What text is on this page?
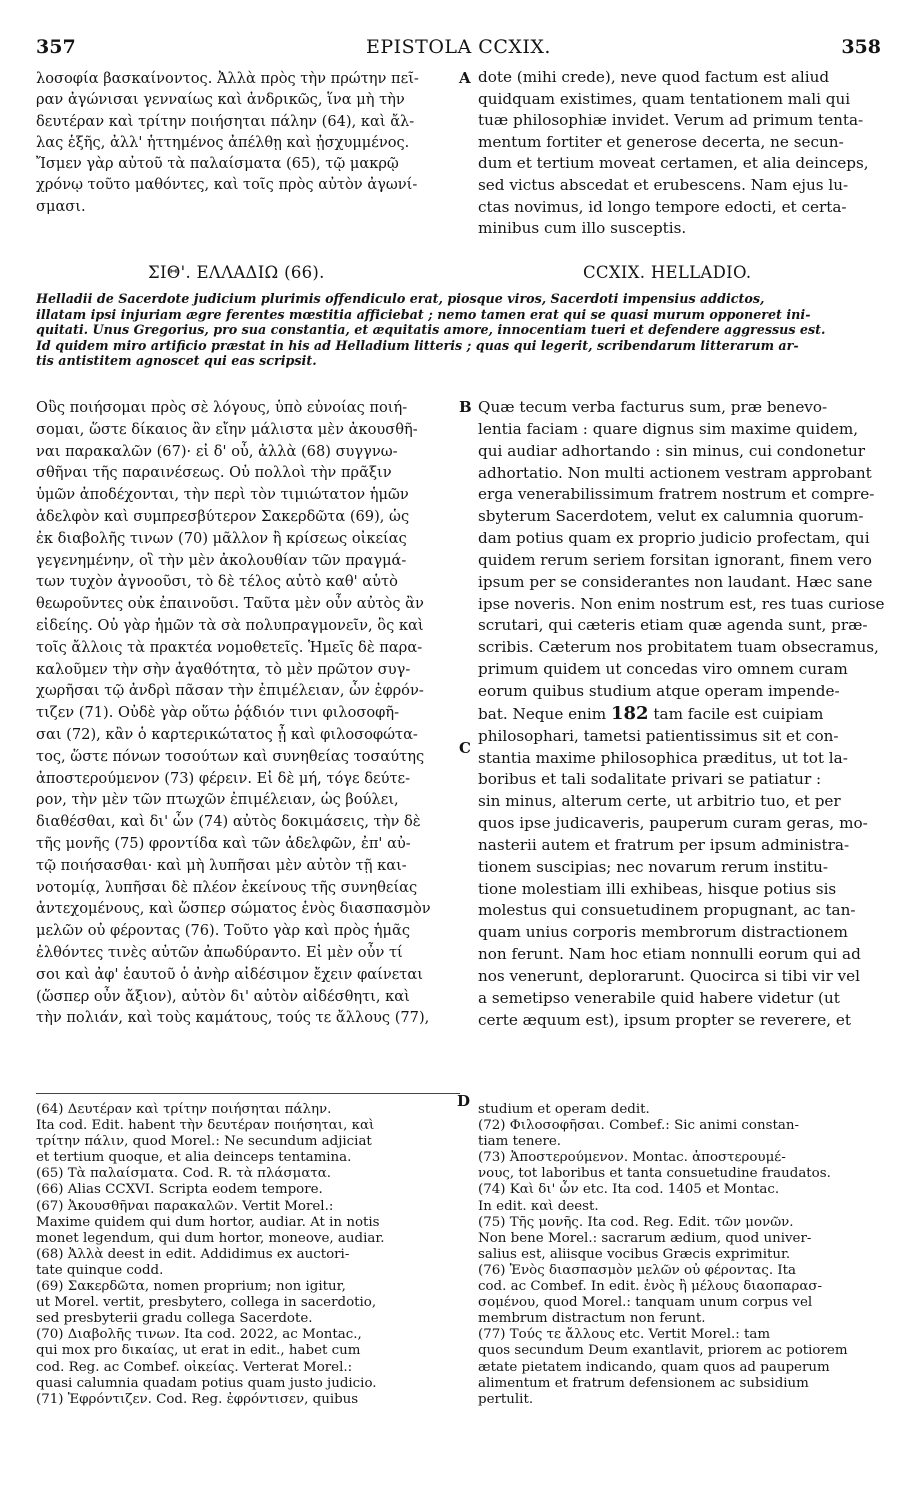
357	EPISTOLA CCXIX.	358
λοσοφία βασκαίνοντος. Ἀλλὰ πρὸς τὴν πρώτην πεῖ-
ραν ἀγώνισαι γενναίως καὶ ἀνδρικῶς, ἵνα μὴ τὴν
δευτέραν καὶ τρίτην ποιήσηται πάλην (64), καὶ ἄλ-
λας ἑξῆς, ἀλλ' ἡττημένος ἀπέλθῃ καὶ ᾐσχυμμένος.
Ἴσμεν γὰρ αὐτοῦ τὰ παλαίσματα (65), τῷ μακρῷ
χρόνῳ τοῦτο μαθόντες, καὶ τοῖς πρὸς αὐτὸν ἀγωνί-
σμασι.
A dote (mihi crede), neve quod factum est aliud
quidquam existimes, quam tentationem mali qui
tuæ philosophiæ invidet. Verum ad primum tenta-
mentum fortiter et generose decerta, ne secun-
dum et tertium moveat certamen, et alia deinceps,
sed victus abscedat et erubescens. Nam ejus lu-
ctas novimus, id longo tempore edocti, et certa-
minibus cum illo susceptis.
ΣΙΘ'. ΕΛΛΑΔΙΩ (66).	CCXIX. HELLADIO.
Helladii de Sacerdote judicium plurimis offendiculo erat, piosque viros, Sacerdoti impensius addictos,
illatam ipsi injuriam ægre ferentes mœstitia afficiebat ; nemo tamen erat qui se quasi murum opponeret ini-
quitati. Unus Gregorius, pro sua constantia, et æquitatis amore, innocentiam tueri et defendere aggressus est.
Id quidem miro artificio præstat in his ad Helladium litteris ; quas qui legerit, scribendarum litterarum ar-
tis antistitem agnoscet qui eas scripsit.
Οὓς ποιήσομαι πρὸς σὲ λόγους, ὑπὸ εὐνοίας ποιή-
σομαι, ὥστε δίκαιος ἂν εἴην μάλιστα μὲν ἀκουσθῆ-
ναι παρακαλῶν (67)· εἰ δ' οὖ, ἀλλὰ (68) συγγνω-
σθῆναι τῆς παραινέσεως. Οὐ πολλοὶ τὴν πρᾶξιν
ὑμῶν ἀποδέχονται, τὴν περὶ τὸν τιμιώτατον ἡμῶν
ἀδελφὸν καὶ συμπρεσβύτερον Σακερδῶτα (69), ὡς
ἐκ διαβολῆς τινων (70) μᾶλλον ἢ κρίσεως οἰκείας
γεγενημένην, οἳ τὴν μὲν ἀκολουθίαν τῶν πραγμά-
των τυχὸν ἀγνοοῦσι, τὸ δὲ τέλος αὐτὸ καθ' αὑτὸ
θεωροῦντες οὐκ ἐπαινοῦσι. Ταῦτα μὲν οὖν αὐτὸς ἂν
εἰδείης. Οὐ γὰρ ἡμῶν τὰ σὰ πολυπραγμονεῖν, ὃς καὶ
τοῖς ἄλλοις τὰ πρακτέα νομοθετεῖς. Ἡμεῖς δὲ παρα-
καλοῦμεν τὴν σὴν ἀγαθότητα, τὸ μὲν πρῶτον συγ-
χωρῆσαι τῷ ἀνδρὶ πᾶσαν τὴν ἐπιμέλειαν, ὧν ἐφρόν-
τιζεν (71). Οὐδὲ γὰρ οὕτω ῥᾴδιόν τινι φιλοσοφῆ-
σαι (72), κἂν ὁ καρτερικώτατος ᾖ καὶ φιλοσοφώτα-
τος, ὥστε πόνων τοσούτων καὶ συνηθείας τοσαύτης
ἀποστερούμενον (73) φέρειν. Εἰ δὲ μή, τόγε δεύτε-
ρον, τὴν μὲν τῶν πτωχῶν ἐπιμέλειαν, ὡς βούλει,
διαθέσθαι, καὶ δι' ὧν (74) αὐτὸς δοκιμάσεις, τὴν δὲ
τῆς μονῆς (75) φροντίδα καὶ τῶν ἀδελφῶν, ἐπ' αὐ-
τῷ ποιήσασθαι· καὶ μὴ λυπῆσαι μὲν αὐτὸν τῇ και-
νοτομίᾳ, λυπῆσαι δὲ πλέον ἐκείνους τῆς συνηθείας
ἀντεχομένους, καὶ ὥσπερ σώματος ἑνὸς διασπασμὸν
μελῶν οὐ φέροντας (76). Τοῦτο γὰρ καὶ πρὸς ἡμᾶς
ἐλθόντες τινὲς αὐτῶν ἀπωδύραντο. Εἰ μὲν οὖν τί
σοι καὶ ἀφ' ἑαυτοῦ ὁ ἀνὴρ αἰδέσιμον ἔχειν φαίνεται
(ὥσπερ οὖν ἄξιον), αὐτὸν δι' αὐτὸν αἰδέσθητι, καὶ
τὴν πολιάν, καὶ τοὺς καμάτους, τούς τε ἄλλους (77),
B
C
Quæ tecum verba facturus sum, præ benevo-
lentia faciam : quare dignus sim maxime quidem,
qui audiar adhortando : sin minus, cui condonetur
adhortatio. Non multi actionem vestram approbant
erga venerabilissimum fratrem nostrum et compre-
sbyterum Sacerdotem, velut ex calumnia quorum-
dam potius quam ex proprio judicio profectam, qui
quidem rerum seriem forsitan ignorant, finem vero
ipsum per se considerantes non laudant. Hæc sane
ipse noveris. Non enim nostrum est, res tuas curiose
scrutari, qui cæteris etiam quæ agenda sunt, præ-
scribis. Cæterum nos probitatem tuam obsecramus,
primum quidem ut concedas viro omnem curam
eorum quibus studium atque operam impende-
bat. Neque enim 182 tam facile est cuipiam
philosophari, tametsi patientissimus sit et con-
stantia maxime philosophica præditus, ut tot la-
boribus et tali sodalitate privari se patiatur :
sin minus, alterum certe, ut arbitrio tuo, et per
quos ipse judicaveris, pauperum curam geras, mo-
nasterii autem et fratrum per ipsum administra-
tionem suscipias; nec novarum rerum institu-
tione molestiam illi exhibeas, hisque potius sis
molestus qui consuetudinem propugnant, ac tan-
quam unius corporis membrorum distractionem
non ferunt. Nam hoc etiam nonnulli eorum qui ad
nos venerunt, deplorarunt. Quocirca si tibi vir vel
a semetipso venerabile quid habere videtur (ut
certe æquum est), ipsum propter se reverere, et
D
(64) Δευτέραν καὶ τρίτην ποιήσηται πάλην.
Ita cod. Edit. habent τὴν δευτέραν ποιήσηται, καὶ
τρίτην πάλιν, quod Morel.: Ne secundum adjiciat
et tertium quoque, et alia deinceps tentamina.
(65) Τὰ παλαίσματα. Cod. R. τὰ πλάσματα.
(66) Alias CCXVI. Scripta eodem tempore.
(67) Ἀκουσθῆναι παρακαλῶν. Vertit Morel.:
Maxime quidem qui dum hortor, audiar. At in notis
monet legendum, qui dum hortor, moneove, audiar.
(68) Ἀλλὰ deest in edit. Addidimus ex auctori-
tate quinque codd.
(69) Σακερδῶτα, nomen proprium; non igitur,
ut Morel. vertit, presbytero, collega in sacerdotio,
sed presbyterii gradu collega Sacerdote.
(70) Διαβολῆς τινων. Ita cod. 2022, ac Montac.,
qui mox pro δικαίας, ut erat in edit., habet cum
cod. Reg. ac Combef. οἰκείας. Verterat Morel.:
quasi calumnia quadam potius quam justo judicio.
(71) Ἐφρόντιζεν. Cod. Reg. ἐφρόντισεν, quibus
studium et operam dedit.
(72) Φιλοσοφῆσαι. Combef.: Sic animi constan-
tiam tenere.
(73) Ἀποστερούμενον. Montac. ἀποστερουμέ-
νους, tot laboribus et tanta consuetudine fraudatos.
(74) Καὶ δι' ὧν etc. Ita cod. 1405 et Montac.
In edit. καὶ deest.
(75) Τῆς μονῆς. Ita cod. Reg. Edit. τῶν μονῶν.
Non bene Morel.: sacrarum ædium, quod univer-
salius est, aliisque vocibus Græcis exprimitur.
(76) Ἑνὸς διασπασμὸν μελῶν οὐ φέροντας. Ita
cod. ac Combef. In edit. ἑνὸς ἢ μέλους διαοπαρασ-
σομένου, quod Morel.: tanquam unum corpus vel
membrum distractum non ferunt.
(77) Τούς τε ἄλλους etc. Vertit Morel.: tam
quos secundum Deum exantlavit, priorem ac potiorem
ætate pietatem indicando, quam quos ad pauperum
alimentum et fratrum defensionem ac subsidium
pertulit.
